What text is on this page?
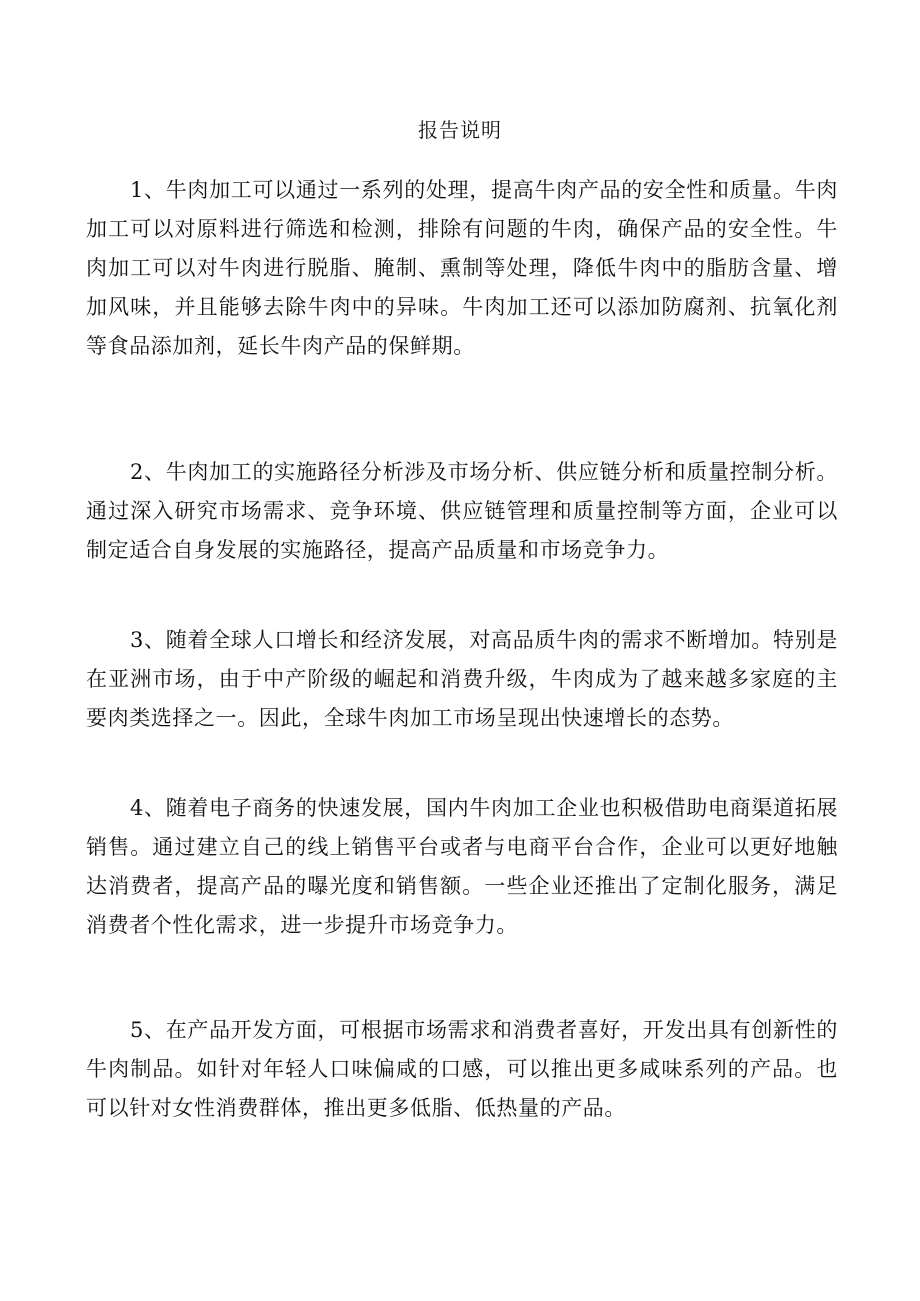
报告说明

1、牛肉加工可以通过一系列的处理，提高牛肉产品的安全性和质量。牛肉加工可以对原料进行筛选和检测，排除有问题的牛肉，确保产品的安全性。牛肉加工可以对牛肉进行脱脂、腌制、熏制等处理，降低牛肉中的脂肪含量、增加风味，并且能够去除牛肉中的异味。牛肉加工还可以添加防腐剂、抗氧化剂等食品添加剂，延长牛肉产品的保鲜期。

2、牛肉加工的实施路径分析涉及市场分析、供应链分析和质量控制分析。通过深入研究市场需求、竞争环境、供应链管理和质量控制等方面，企业可以制定适合自身发展的实施路径，提高产品质量和市场竞争力。

3、随着全球人口增长和经济发展，对高品质牛肉的需求不断增加。特别是在亚洲市场，由于中产阶级的崛起和消费升级，牛肉成为了越来越多家庭的主要肉类选择之一。因此，全球牛肉加工市场呈现出快速增长的态势。

4、随着电子商务的快速发展，国内牛肉加工企业也积极借助电商渠道拓展销售。通过建立自己的线上销售平台或者与电商平台合作，企业可以更好地触达消费者，提高产品的曝光度和销售额。一些企业还推出了定制化服务，满足消费者个性化需求，进一步提升市场竞争力。

5、在产品开发方面，可根据市场需求和消费者喜好，开发出具有创新性的牛肉制品。如针对年轻人口味偏咸的口感，可以推出更多咸味系列的产品。也可以针对女性消费群体，推出更多低脂、低热量的产品。
